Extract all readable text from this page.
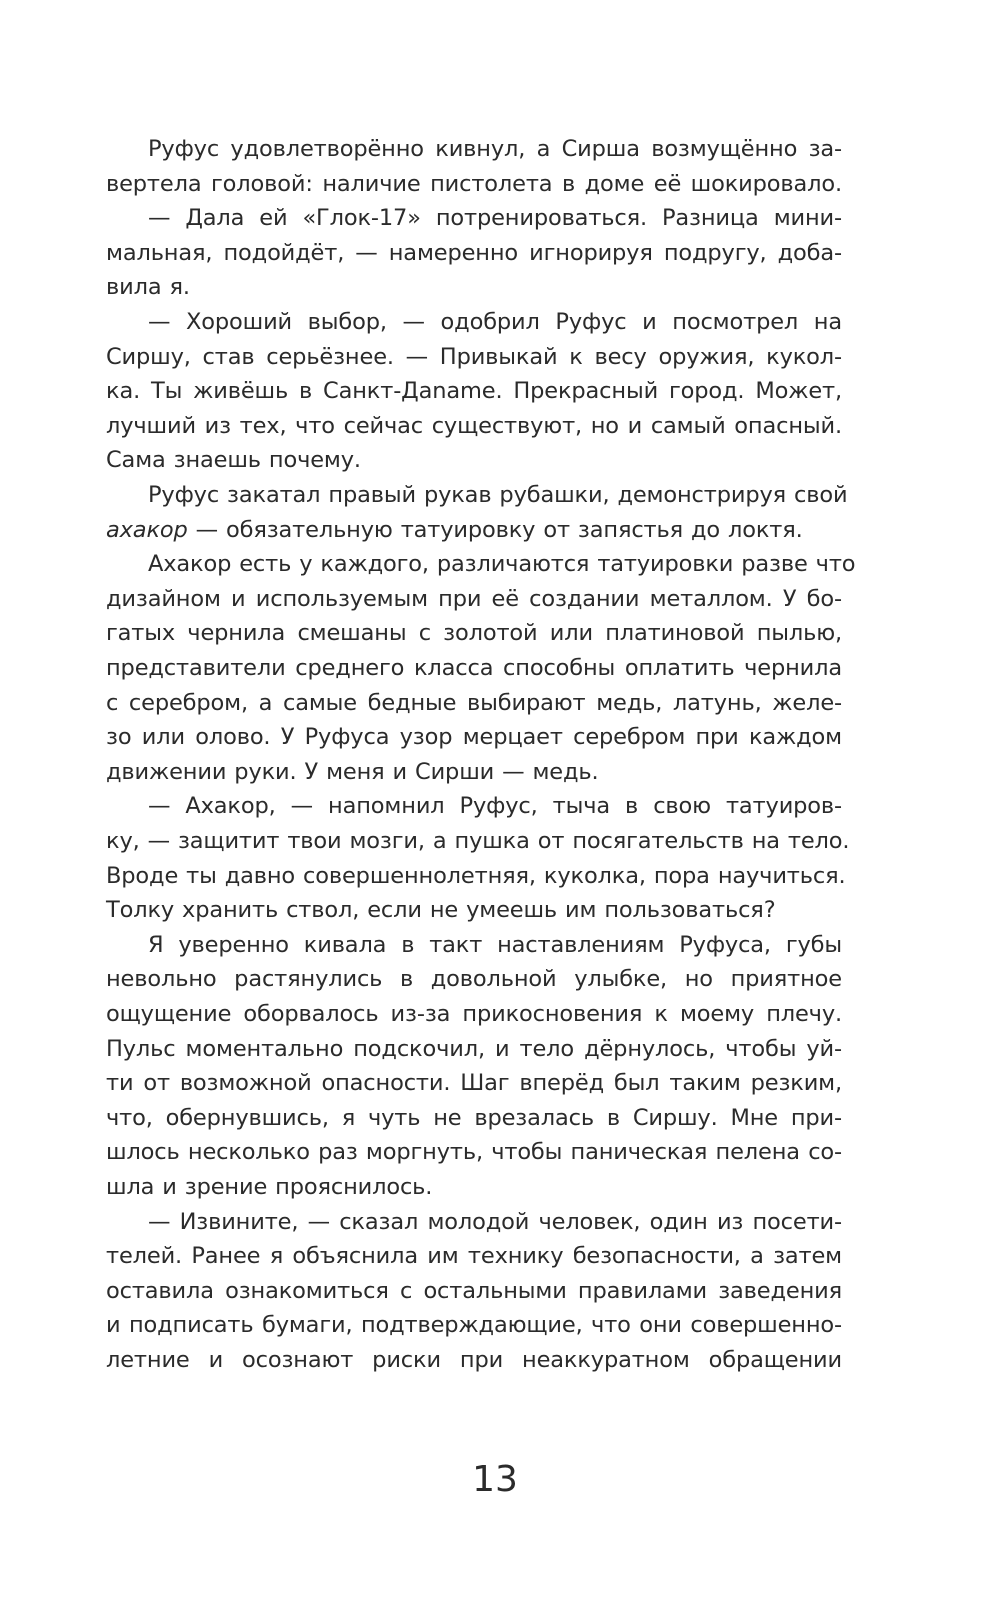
Руфус удовлетворённо кивнул, а Сирша возмущённо за-
вертела головой: наличие пистолета в доме её шокировало.
— Дала ей «Глок-17» потренироваться. Разница мини-
мальная, подойдёт, — намеренно игнорируя подругу, доба-
вила я.
— Хороший выбор, — одобрил Руфус и посмотрел на
Сиршу, став серьёзнее. — Привыкай к весу оружия, кукол-
ка. Ты живёшь в Санкт-Даname. Прекрасный город. Может,
лучший из тех, что сейчас существуют, но и самый опасный.
Сама знаешь почему.
Руфус закатал правый рукав рубашки, демонстрируя свой
ахакор — обязательную татуировку от запястья до локтя.
Ахакор есть у каждого, различаются татуировки разве что
дизайном и используемым при её создании металлом. У бо-
гатых чернила смешаны с золотой или платиновой пылью,
представители среднего класса способны оплатить чернила
с серебром, а самые бедные выбирают медь, латунь, желе-
зо или олово. У Руфуса узор мерцает серебром при каждом
движении руки. У меня и Сирши — медь.
— Ахакор, — напомнил Руфус, тыча в свою татуиров-
ку, — защитит твои мозги, а пушка от посягательств на тело.
Вроде ты давно совершеннолетняя, куколка, пора научиться.
Толку хранить ствол, если не умеешь им пользоваться?
Я уверенно кивала в такт наставлениям Руфуса, губы
невольно растянулись в довольной улыбке, но приятное
ощущение оборвалось из-за прикосновения к моему плечу.
Пульс моментально подскочил, и тело дёрнулось, чтобы уй-
ти от возможной опасности. Шаг вперёд был таким резким,
что, обернувшись, я чуть не врезалась в Сиршу. Мне при-
шлось несколько раз моргнуть, чтобы паническая пелена со-
шла и зрение прояснилось.
— Извините, — сказал молодой человек, один из посети-
телей. Ранее я объяснила им технику безопасности, а затем
оставила ознакомиться с остальными правилами заведения
и подписать бумаги, подтверждающие, что они совершенно-
летние и осознают риски при неаккуратном обращении
13
